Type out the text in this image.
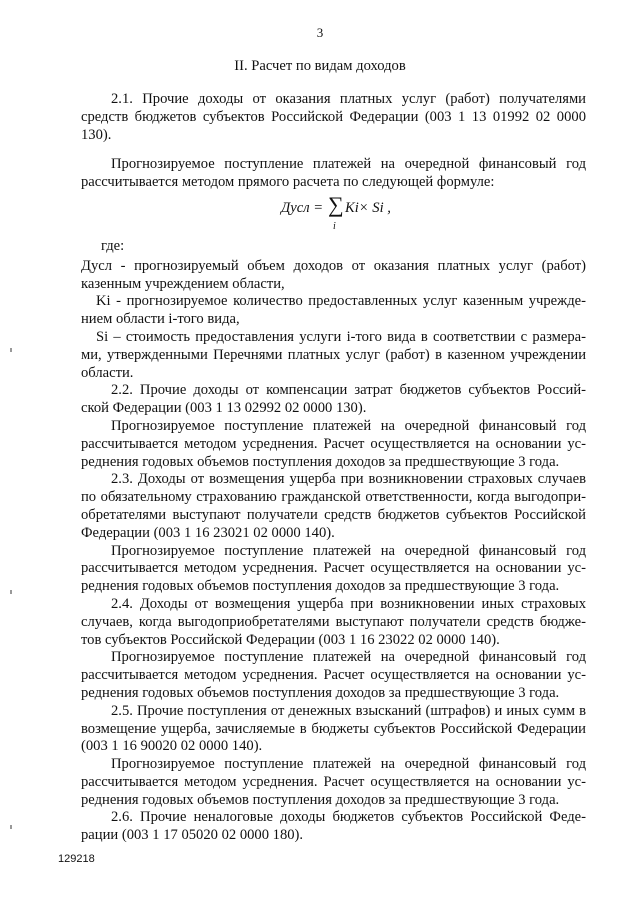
3
II. Расчет по видам доходов

2.1. Прочие доходы от оказания платных услуг (работ) получателями средств бюджетов субъектов Российской Федерации (003 1 13 01992 02 0000 130).

Прогнозируемое поступление платежей на очередной финансовый год рассчитывается методом прямого расчета по следующей формуле:

Дусл = ∑
i
Ki× Si ,

где:

Дусл - прогнозируемый объем доходов от оказания платных услуг (работ) казенным учреждением области,

Ki - прогнозируемое количество предоставленных услуг казенным учрежде- нием области i-того вида,

Si – стоимость предоставления услуги i-того вида в соответствии с размера- ми, утвержденными Перечнями платных услуг (работ) в казенном учреждении области.

2.2. Прочие доходы от компенсации затрат бюджетов субъектов Россий- ской Федерации (003 1 13 02992 02 0000 130).

Прогнозируемое поступление платежей на очередной финансовый год рассчитывается методом усреднения. Расчет осуществляется на основании ус- реднения годовых объемов поступления доходов за предшествующие 3 года.

2.3. Доходы от возмещения ущерба при возникновении страховых случаев по обязательному страхованию гражданской ответственности, когда выгодопри- обретателями выступают получатели средств бюджетов субъектов Российской Федерации (003 1 16 23021 02 0000 140).

Прогнозируемое поступление платежей на очередной финансовый год рассчитывается методом усреднения. Расчет осуществляется на основании ус- реднения годовых объемов поступления доходов за предшествующие 3 года.

2.4. Доходы от возмещения ущерба при возникновении иных страховых случаев, когда выгодоприобретателями выступают получатели средств бюдже- тов субъектов Российской Федерации (003 1 16 23022 02 0000 140).

Прогнозируемое поступление платежей на очередной финансовый год рассчитывается методом усреднения. Расчет осуществляется на основании ус- реднения годовых объемов поступления доходов за предшествующие 3 года.

2.5. Прочие поступления от денежных взысканий (штрафов) и иных сумм в возмещение ущерба, зачисляемые в бюджеты субъектов Российской Федерации (003 1 16 90020 02 0000 140).

Прогнозируемое поступление платежей на очередной финансовый год рассчитывается методом усреднения. Расчет осуществляется на основании ус- реднения годовых объемов поступления доходов за предшествующие 3 года.

2.6. Прочие неналоговые доходы бюджетов субъектов Российской Феде- рации (003 1 17 05020 02 0000 180).

129218
